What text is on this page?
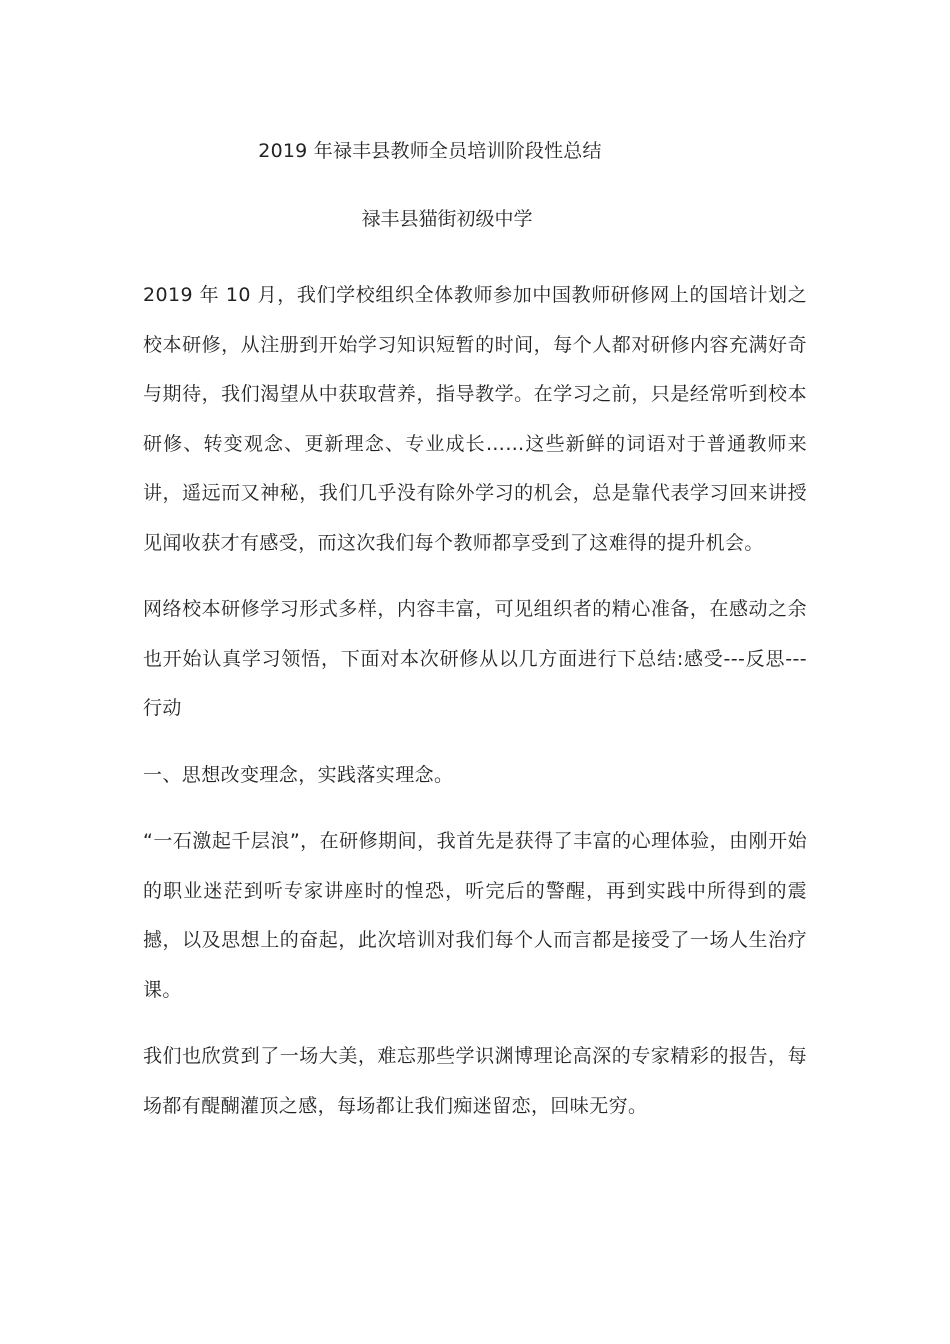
2019 年禄丰县教师全员培训阶段性总结
禄丰县猫街初级中学

2019 年 10 月，我们学校组织全体教师参加中国教师研修网上的国培计划之校本研修，从注册到开始学习知识短暂的时间，每个人都对研修内容充满好奇与期待，我们渴望从中获取营养，指导教学。在学习之前，只是经常听到校本研修、转变观念、更新理念、专业成长……这些新鲜的词语对于普通教师来讲，遥远而又神秘，我们几乎没有除外学习的机会，总是靠代表学习回来讲授见闻收获才有感受，而这次我们每个教师都享受到了这难得的提升机会。

网络校本研修学习形式多样，内容丰富，可见组织者的精心准备，在感动之余也开始认真学习领悟，下面对本次研修从以几方面进行下总结:感受---反思---行动

一、思想改变理念，实践落实理念。

“一石激起千层浪”，在研修期间，我首先是获得了丰富的心理体验，由刚开始的职业迷茫到听专家讲座时的惶恐，听完后的警醒，再到实践中所得到的震撼，以及思想上的奋起，此次培训对我们每个人而言都是接受了一场人生治疗课。

我们也欣赏到了一场大美，难忘那些学识渊博理论高深的专家精彩的报告，每场都有醍醐灌顶之感，每场都让我们痴迷留恋，回味无穷。
